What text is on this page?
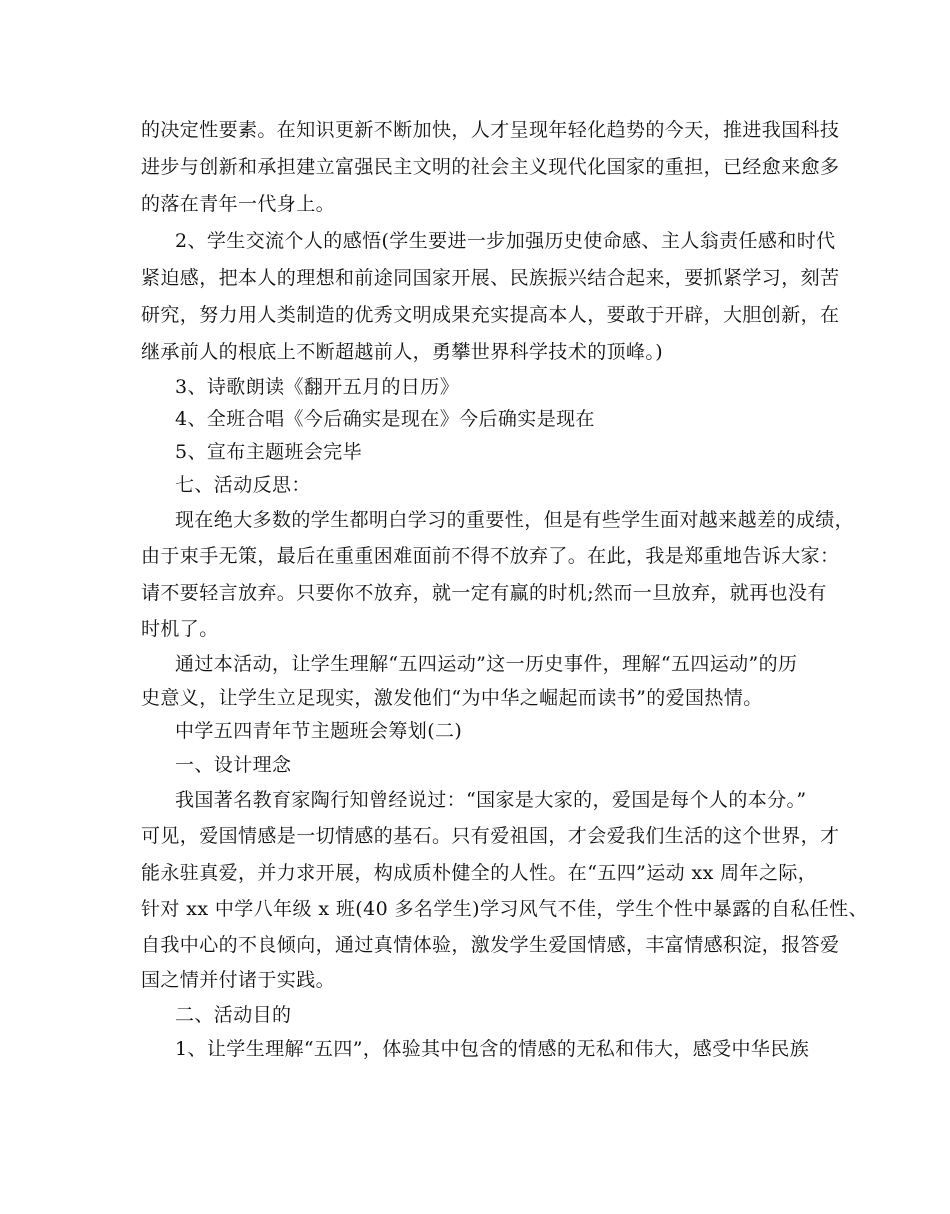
的决定性要素。在知识更新不断加快，人才呈现年轻化趋势的今天，推进我国科技
进步与创新和承担建立富强民主文明的社会主义现代化国家的重担，已经愈来愈多
的落在青年一代身上。
2、学生交流个人的感悟(学生要进一步加强历史使命感、主人翁责任感和时代
紧迫感，把本人的理想和前途同国家开展、民族振兴结合起来，要抓紧学习，刻苦
研究，努力用人类制造的优秀文明成果充实提高本人，要敢于开辟，大胆创新，在
继承前人的根底上不断超越前人，勇攀世界科学技术的顶峰。)
3、诗歌朗读《翻开五月的日历》
4、全班合唱《今后确实是现在》今后确实是现在
5、宣布主题班会完毕
七、活动反思：
现在绝大多数的学生都明白学习的重要性，但是有些学生面对越来越差的成绩，
由于束手无策，最后在重重困难面前不得不放弃了。在此，我是郑重地告诉大家：
请不要轻言放弃。只要你不放弃，就一定有赢的时机;然而一旦放弃，就再也没有
时机了。
通过本活动，让学生理解“五四运动”这一历史事件，理解“五四运动”的历
史意义，让学生立足现实，激发他们“为中华之崛起而读书”的爱国热情。
中学五四青年节主题班会筹划(二)
一、设计理念
我国著名教育家陶行知曾经说过：“国家是大家的，爱国是每个人的本分。”
可见，爱国情感是一切情感的基石。只有爱祖国，才会爱我们生活的这个世界，才
能永驻真爱，并力求开展，构成质朴健全的人性。在“五四”运动 xx 周年之际，
针对 xx 中学八年级 x 班(40 多名学生)学习风气不佳，学生个性中暴露的自私任性、
自我中心的不良倾向，通过真情体验，激发学生爱国情感，丰富情感积淀，报答爱
国之情并付诸于实践。
二、活动目的
1、让学生理解“五四”，体验其中包含的情感的无私和伟大，感受中华民族
